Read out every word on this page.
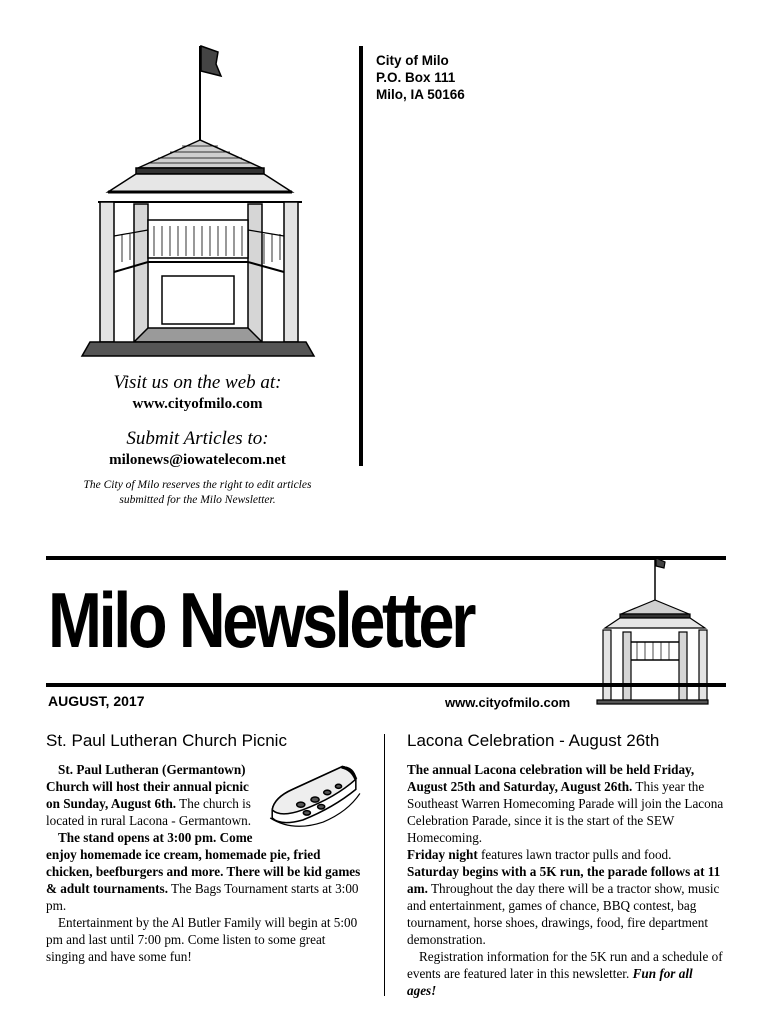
Visit us on the web at:
www.cityofmilo.com
Submit Articles to:
milonews@iowatelecom.net
The City of Milo reserves the right to edit articles
submitted for the Milo Newsletter.
City of Milo
P.O. Box 111
Milo, IA 50166
Milo Newsletter
AUGUST, 2017	www.cityofmilo.com
St. Paul Lutheran Church Picnic

St. Paul Lutheran (Germantown) Church will host their annual picnic on Sunday, August 6th. The church is located in rural Lacona - Germantown.

The stand opens at 3:00 pm. Come enjoy homemade ice cream, homemade pie, fried chicken, beefburgers and more. There will be kid games & adult tournaments. The Bags Tournament starts at 3:00 pm.

Entertainment by the Al Butler Family will begin at 5:00 pm and last until 7:00 pm. Come listen to some great singing and have some fun!

Lacona Celebration - August 26th

The annual Lacona celebration will be held Friday, August 25th and Saturday, August 26th. This year the Southeast Warren Homecoming Parade will join the Lacona Celebration Parade, since it is the start of the SEW Homecoming.

Friday night features lawn tractor pulls and food.

Saturday begins with a 5K run, the parade follows at 11 am. Throughout the day there will be a tractor show, music and entertainment, games of chance, BBQ contest, bag tournament, horse shoes, drawings, food, fire department demonstration.

Registration information for the 5K run and a schedule of events are featured later in this newsletter. Fun for all ages!
